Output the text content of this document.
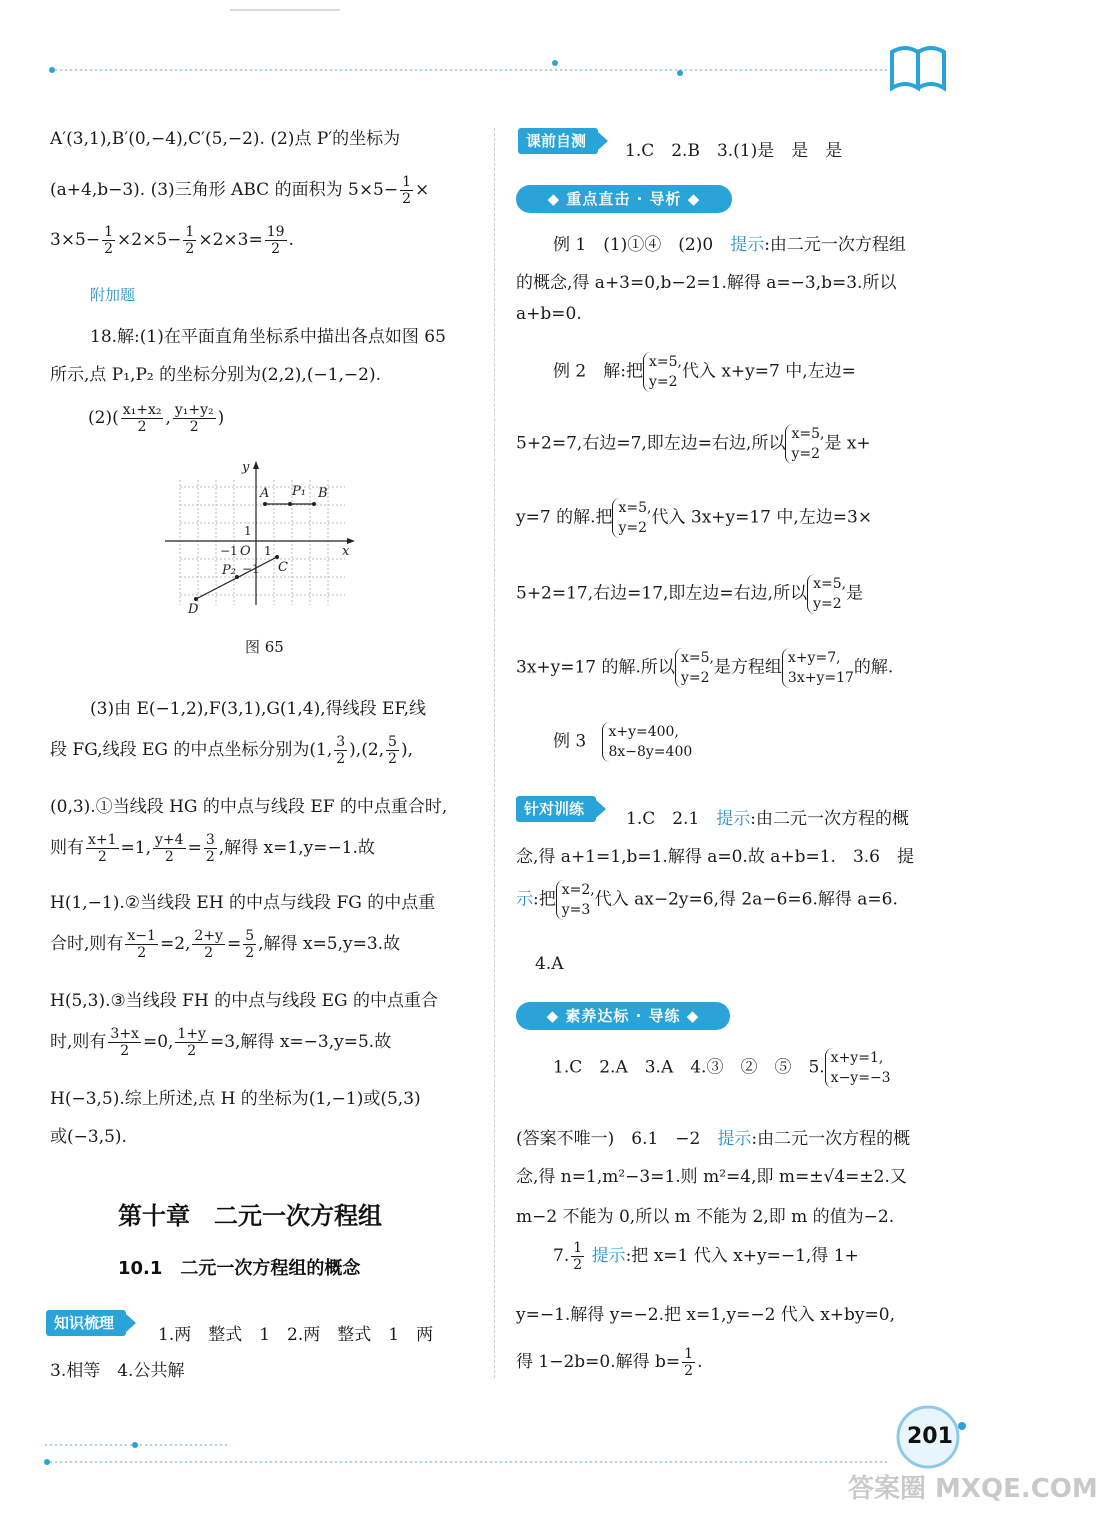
A′(3,1),B′(0,−4),C′(5,−2). (2)点 P′的坐标为
(a+4,b−3). (3)三角形 ABC 的面积为 $5\times 5- \frac{1}{2}$ ×
$3\times 5- \frac{1}{2} \times 2\times 5- \frac{1}{2} \times 2\times 3= \frac{19}{2}$ .
附加题
18.解:(1)在平面直角坐标系中描出各点如图 65
所示,点 P₁,P₂ 的坐标分别为(2,2),(−1,−2).
$(2)( \frac{\text{x₁+x₂}}{2}$ , $\frac{\text{y₁+y₂}}{2}$ )
y
x
O
A P₁ B
C
P₂
D
1
1
−1
−1
图 65
(3)由 E(−1,2),F(3,1),G(1,4),得线段 EF,线
段 FG,线段 EG 的中点坐标分别为(1, $\frac{3}{2} ),(2$, $\frac{5}{2}$ ),
(0,3).①当线段 HG 的中点与线段 EF 的中点重合时,
则有 $\frac{x+1}{2} =1$, $\frac{y+4}{2} = \frac{3}{2}$ ,解得 x=1,y=−1.故
H(1,−1).②当线段 EH 的中点与线段 FG 的中点重
合时,则有 $\frac{x-1}{2} =2$, $\frac{2+y}{2} = \frac{5}{2}$ ,解得 x=5,y=3.故
H(5,3).③当线段 FH 的中点与线段 EG 的中点重合
时,则有 $\frac{3+x}{2} =0$, $\frac{1+y}{2} =3$,解得 x=−3,y=5.故
H(−3,5).综上所述,点 H 的坐标为(1,−1)或(5,3)
或(−3,5).
第十章　二元一次方程组
10.1　二元一次方程组的概念
知识梳理
1.两　整式　1　2.两　整式　1　两
3.相等　4.公共解
课前自测	1.C　2.B　3.(1)是　是　是
◆ 重点直击 · 导析 ◆
例 1　(1)①④　(2)0　提示:由二元一次方程组
的概念,得 a+3=0,b−2=1.解得 a=−3,b=3.所以
a+b=0.
例 2　解:把 x=5,
y=2代入 x+y=7 中,左边=
5+2=7,右边=7,即左边=右边,所以 x=5,
y=2是 x+
y=7 的解.把 x=5,
y=2代入 3x+y=17 中,左边=3×
5+2=17,右边=17,即左边=右边,所以 x=5,
y=2是
3x+y=17 的解.所以 x=5,
y=2是方程组 x+y=7,
3x+y=17的解.
例 3 x+y=400,
8x−8y=400
针对训练	1.C　2.1　提示:由二元一次方程的概
念,得 a+1=1,b=1.解得 a=0.故 a+b=1.　3.6　提
示:把 x=2,
y=3代入 ax−2y=6,得 2a−6=6.解得 a=6.
4.A
◆ 素养达标 · 导练 ◆
1.C　2.A　3.A　4.③　②　⑤　5. x+y=1,
x−y=−3
(答案不唯一)　6.1　−2　提示:由二元一次方程的概
念,得 n=1,m²−3=1.则 m²=4,即 m=±√4=±2.又
m−2 不能为 0,所以 m 不能为 2,即 m 的值为−2.
7. $\frac{1}{2}$ 提示:把 x=1 代入 x+y=−1,得 1+
y=−1.解得 y=−2.把 x=1,y=−2 代入 x+by=0,
得 1−2b=0.解得 $b= \frac{1}{2}$ .
201
答案圈 MXQE.COM
